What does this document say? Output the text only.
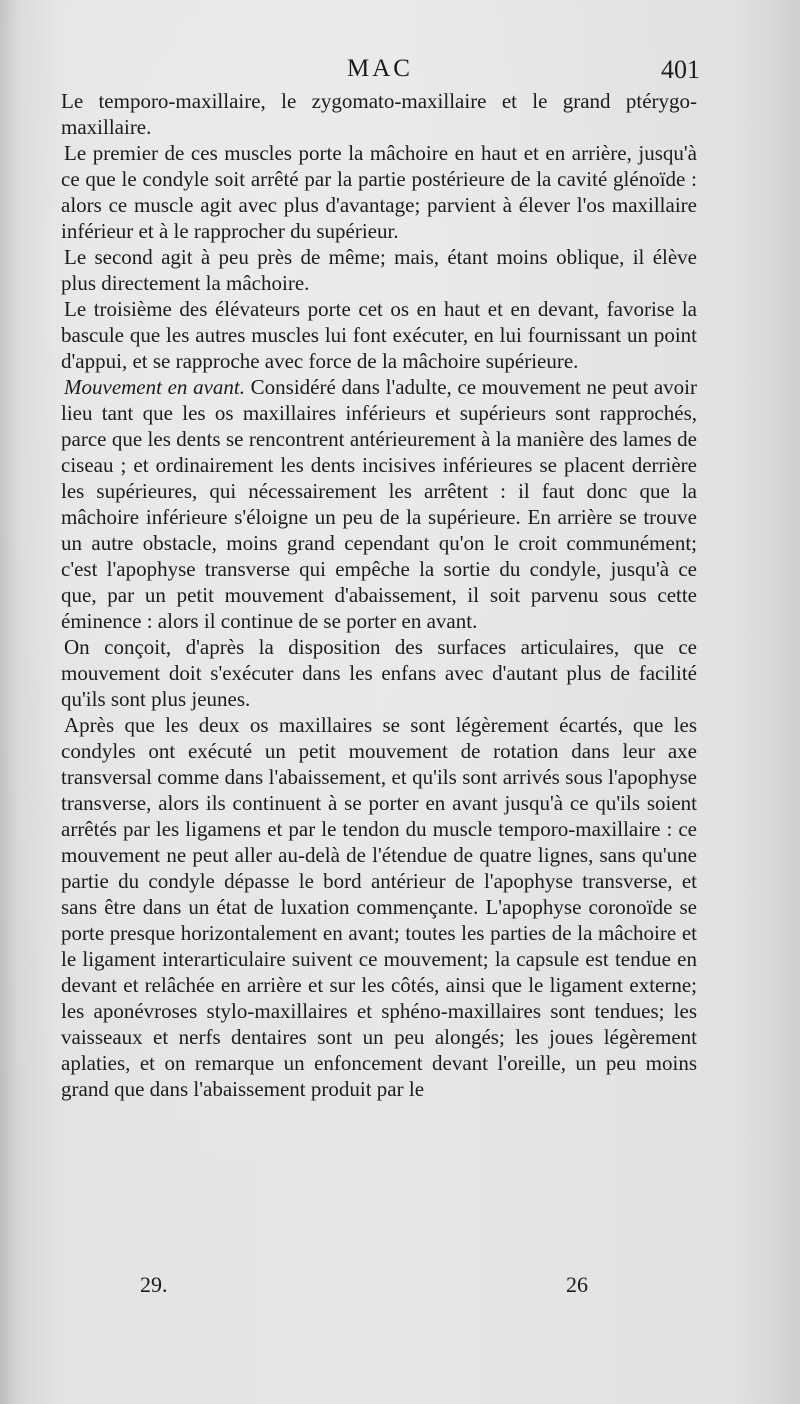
MAC	401

Le temporo-maxillaire, le zygomato-maxillaire et le grand ptérygo-maxillaire.

Le premier de ces muscles porte la mâchoire en haut et en arrière, jusqu'à ce que le condyle soit arrêté par la partie postérieure de la cavité glénoïde : alors ce muscle agit avec plus d'avantage; parvient à élever l'os maxillaire inférieur et à le rapprocher du supérieur.

Le second agit à peu près de même; mais, étant moins oblique, il élève plus directement la mâchoire.

Le troisième des élévateurs porte cet os en haut et en devant, favorise la bascule que les autres muscles lui font exécuter, en lui fournissant un point d'appui, et se rapproche avec force de la mâchoire supérieure.

Mouvement en avant. Considéré dans l'adulte, ce mouvement ne peut avoir lieu tant que les os maxillaires inférieurs et supérieurs sont rapprochés, parce que les dents se rencontrent antérieurement à la manière des lames de ciseau ; et ordinairement les dents incisives inférieures se placent derrière les supérieures, qui nécessairement les arrêtent : il faut donc que la mâchoire inférieure s'éloigne un peu de la supérieure. En arrière se trouve un autre obstacle, moins grand cependant qu'on le croit communément; c'est l'apophyse transverse qui empêche la sortie du condyle, jusqu'à ce que, par un petit mouvement d'abaissement, il soit parvenu sous cette éminence : alors il continue de se porter en avant.

On conçoit, d'après la disposition des surfaces articulaires, que ce mouvement doit s'exécuter dans les enfans avec d'autant plus de facilité qu'ils sont plus jeunes.

Après que les deux os maxillaires se sont légèrement écartés, que les condyles ont exécuté un petit mouvement de rotation dans leur axe transversal comme dans l'abaissement, et qu'ils sont arrivés sous l'apophyse transverse, alors ils continuent à se porter en avant jusqu'à ce qu'ils soient arrêtés par les ligamens et par le tendon du muscle temporo-maxillaire : ce mouvement ne peut aller au-delà de l'étendue de quatre lignes, sans qu'une partie du condyle dépasse le bord antérieur de l'apophyse transverse, et sans être dans un état de luxation commençante. L'apophyse coronoïde se porte presque horizontalement en avant; toutes les parties de la mâchoire et le ligament interarticulaire suivent ce mouvement; la capsule est tendue en devant et relâchée en arrière et sur les côtés, ainsi que le ligament externe; les aponévroses stylo-maxillaires et sphéno-maxillaires sont tendues; les vaisseaux et nerfs dentaires sont un peu alongés; les joues légèrement aplaties, et on remarque un enfoncement devant l'oreille, un peu moins grand que dans l'abaissement produit par le

29.	26
